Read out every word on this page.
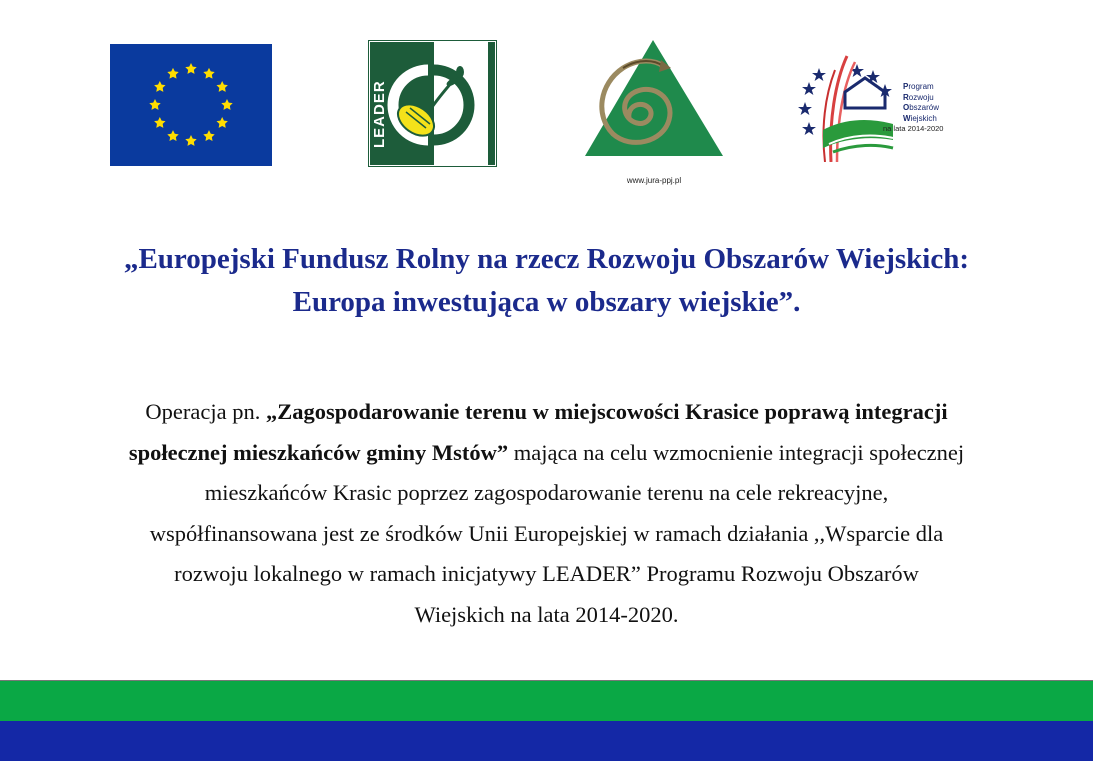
LEADER
www.jura-ppj.pl
Program
Rozwoju
Obszarów
Wiejskich
na lata 2014-2020
„Europejski Fundusz Rolny na rzecz Rozwoju Obszarów Wiejskich:
Europa inwestująca w obszary wiejskie”.
Operacja pn. „Zagospodarowanie terenu w miejscowości Krasice poprawą integracji
społecznej mieszkańców gminy Mstów” mająca na celu wzmocnienie integracji społecznej
mieszkańców Krasic poprzez zagospodarowanie terenu na cele rekreacyjne,
współfinansowana jest ze środków Unii Europejskiej w ramach działania ,,Wsparcie dla
rozwoju lokalnego w ramach inicjatywy LEADER” Programu Rozwoju Obszarów
Wiejskich na lata 2014-2020.
